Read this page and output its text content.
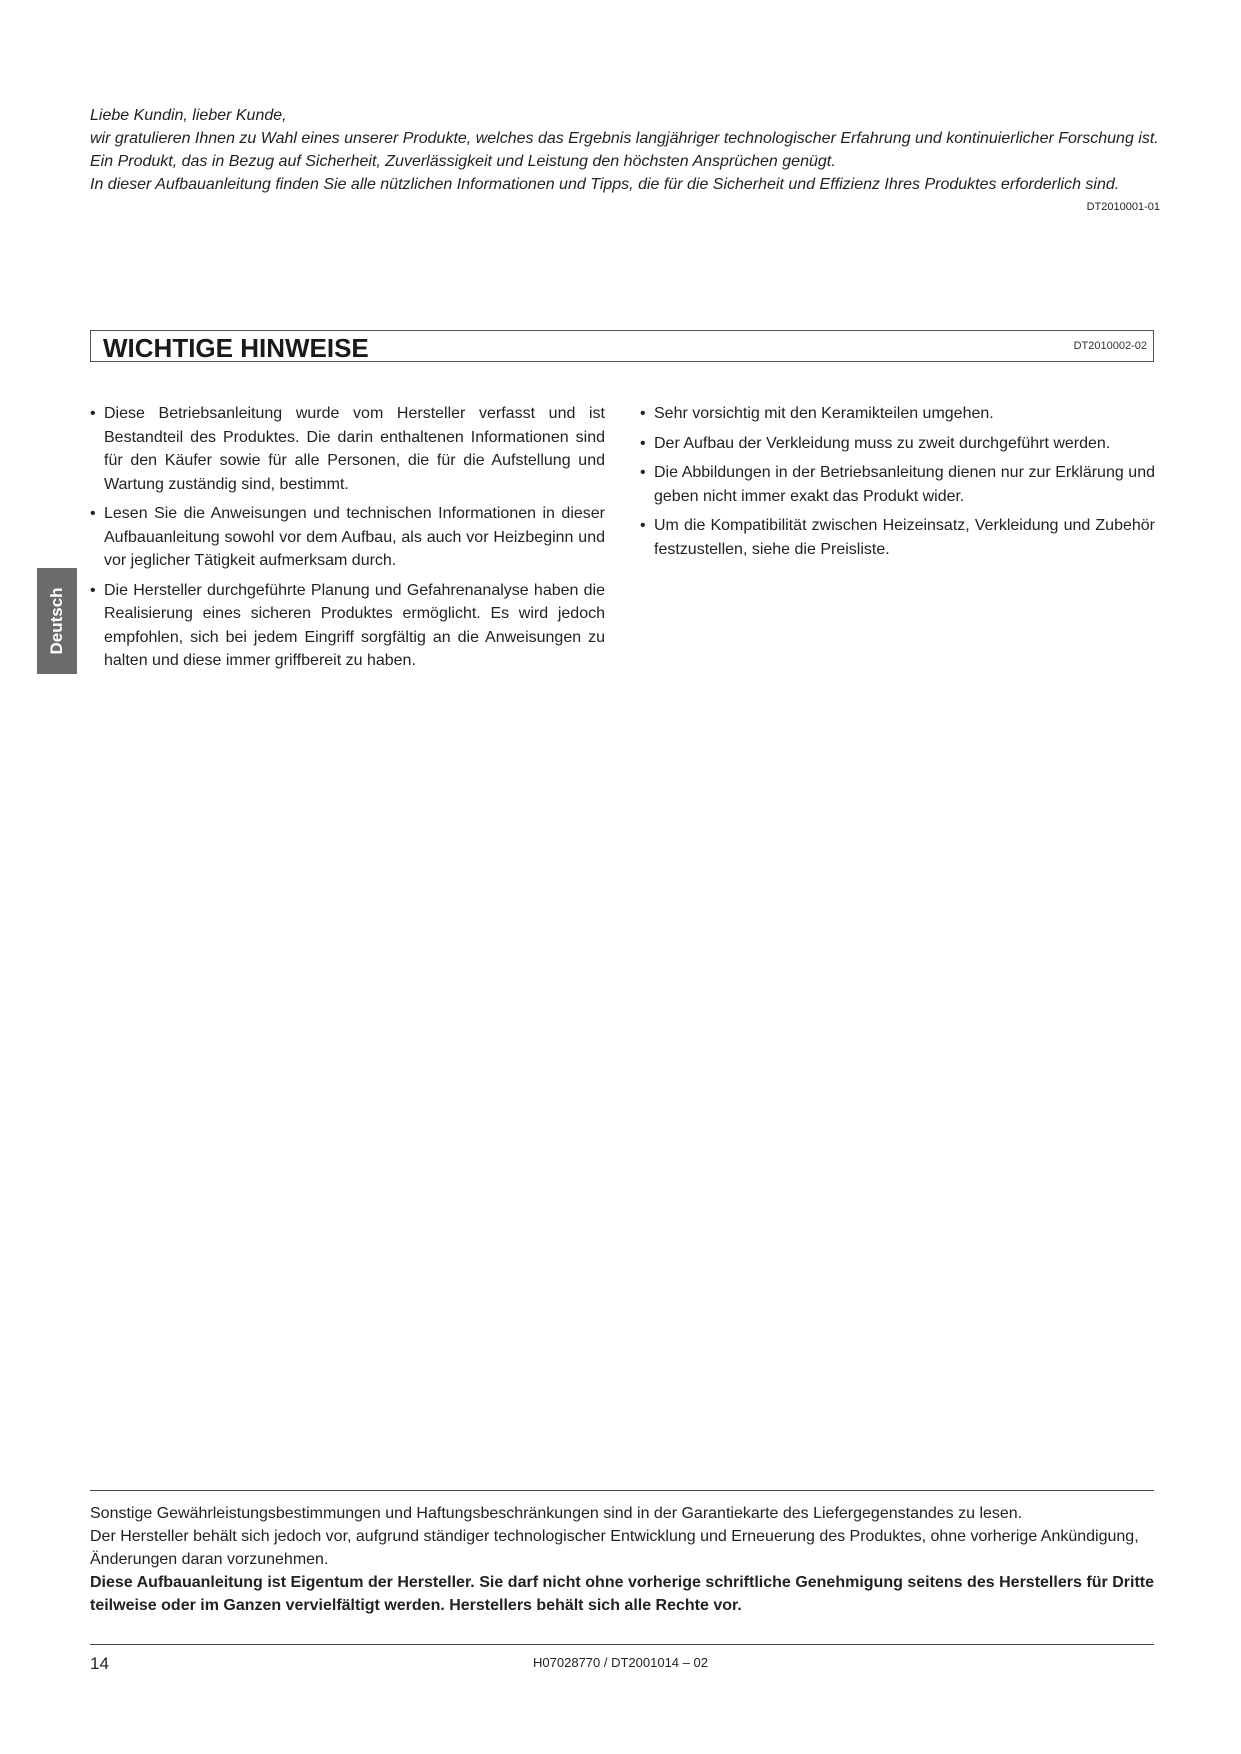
Liebe Kundin, lieber Kunde,

wir gratulieren Ihnen zu Wahl eines unserer Produkte, welches das Ergebnis langjähriger technologischer Erfahrung und kontinuierlicher Forschung ist. Ein Produkt, das in Bezug auf Sicherheit, Zuverlässigkeit und Leistung den höchsten Ansprüchen genügt.

In dieser Aufbauanleitung finden Sie alle nützlichen Informationen und Tipps, die für die Sicherheit und Effizienz Ihres Produktes erforderlich sind.

DT2010001-01

WICHTIGE HINWEISE	DT2010002-02
• Diese Betriebsanleitung wurde vom Hersteller verfasst und ist Bestandteil des Produktes. Die darin enthaltenen Informationen sind für den Käufer sowie für alle Personen, die für die Aufstellung und Wartung zuständig sind, bestimmt.
• Lesen Sie die Anweisungen und technischen Informationen in dieser Aufbauanleitung sowohl vor dem Aufbau, als auch vor Heizbeginn und vor jeglicher Tätigkeit aufmerksam durch.
• Die Hersteller durchgeführte Planung und Gefahrenanalyse haben die Realisierung eines sicheren Produktes ermöglicht. Es wird jedoch empfohlen, sich bei jedem Eingriff sorgfältig an die Anweisungen zu halten und diese immer griffbereit zu haben.
• Sehr vorsichtig mit den Keramikteilen umgehen.
• Der Aufbau der Verkleidung muss zu zweit durchgeführt werden.
• Die Abbildungen in der Betriebsanleitung dienen nur zur Erklärung und geben nicht immer exakt das Produkt wider.
• Um die Kompatibilität zwischen Heizeinsatz, Verkleidung und Zubehör festzustellen, siehe die Preisliste.
Deutsch

Sonstige Gewährleistungsbestimmungen und Haftungsbeschränkungen sind in der Garantiekarte des Liefergegenstandes zu lesen.

Der Hersteller behält sich jedoch vor, aufgrund ständiger technologischer Entwicklung und Erneuerung des Produktes, ohne vorherige Ankündigung, Änderungen daran vorzunehmen.

Diese Aufbauanleitung ist Eigentum der Hersteller. Sie darf nicht ohne vorherige schriftliche Genehmigung seitens des Herstellers für Dritte teilweise oder im Ganzen vervielfältigt werden. Herstellers behält sich alle Rechte vor.

14	H07028770 / DT2001014 – 02
